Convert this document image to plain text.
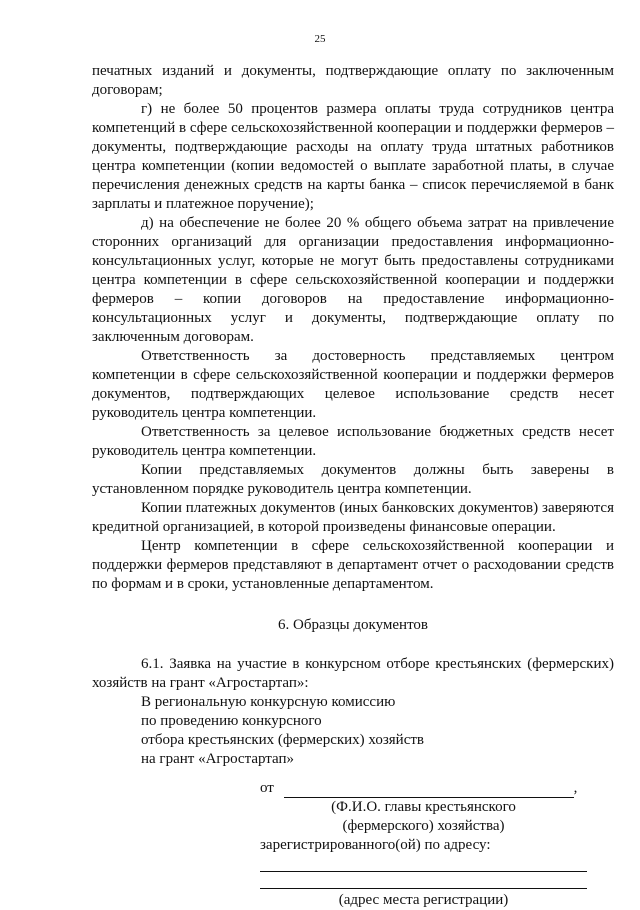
25

печатных изданий и документы, подтверждающие оплату по заключенным договорам;

г) не более 50 процентов размера оплаты труда сотрудников центра компетенций в сфере сельскохозяйственной кооперации и поддержки фермеров – документы, подтверждающие расходы на оплату труда штатных работников центра компетенции (копии ведомостей о выплате заработной платы, в случае перечисления денежных средств на карты банка – список перечисляемой в банк зарплаты и платежное поручение);

д) на обеспечение не более 20 % общего объема затрат на привлечение сторонних организаций для организации предоставления информационно-консультационных услуг, которые не могут быть предоставлены сотрудниками центра компетенции в сфере сельскохозяйственной кооперации и поддержки фермеров – копии договоров на предоставление информационно-консультационных услуг и документы, подтверждающие оплату по заключенным договорам.

Ответственность за достоверность представляемых центром компетенции в сфере сельскохозяйственной кооперации и поддержки фермеров документов, подтверждающих целевое использование средств несет руководитель центра компетенции.

Ответственность за целевое использование бюджетных средств несет руководитель центра компетенции.

Копии представляемых документов должны быть заверены в установленном порядке руководитель центра компетенции.

Копии платежных документов (иных банковских документов) заверяются кредитной организацией, в которой произведены финансовые операции.

Центр компетенции в сфере сельскохозяйственной кооперации и поддержки фермеров представляют в департамент отчет о расходовании средств по формам и в сроки, установленные департаментом.

6. Образцы документов

6.1. Заявка на участие в конкурсном отборе крестьянских (фермерских) хозяйств на грант «Агростартап»:

В региональную конкурсную комиссию
по проведению конкурсного
отбора крестьянских (фермерских) хозяйств
на грант «Агростартап»
от	,
(Ф.И.О. главы крестьянского
(фермерского) хозяйства)
зарегистрированного(ой) по адресу:
(адрес места регистрации)
